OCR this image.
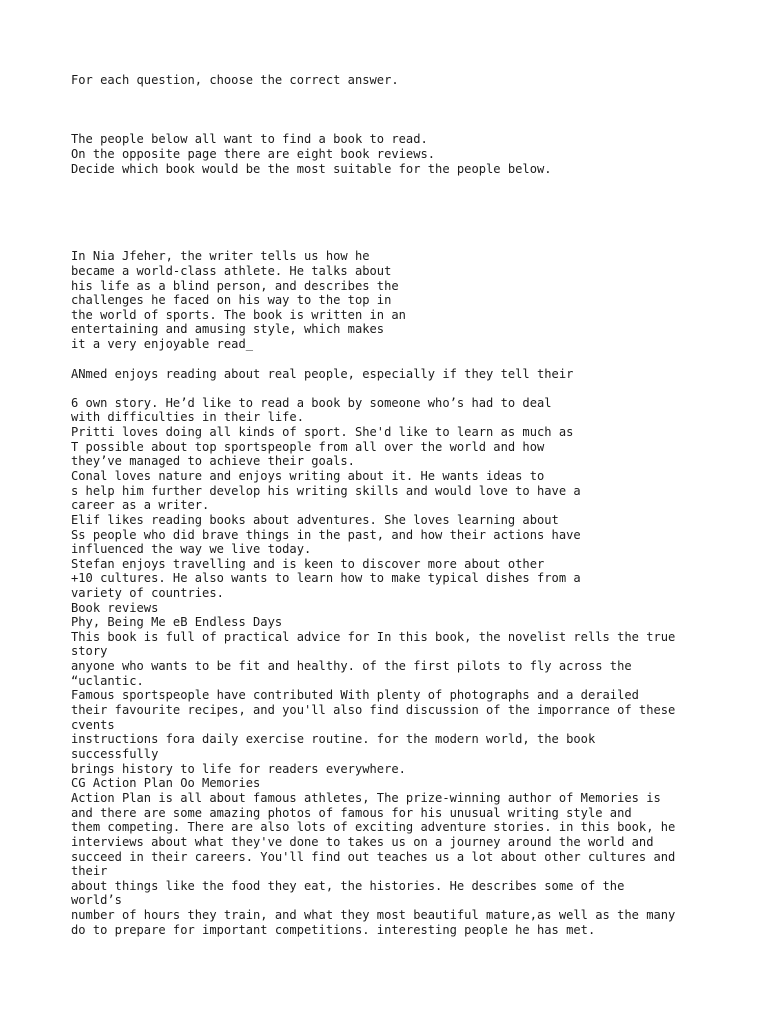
For each question, choose the correct answer.
The people below all want to find a book to read.
On the opposite page there are eight book reviews.
Decide which book would be the most suitable for the people below.
In Nia Jfeher, the writer tells us how he
became a world-class athlete. He talks about
his life as a blind person, and describes the
challenges he faced on his way to the top in
the world of sports. The book is written in an
entertaining and amusing style, which makes
it a very enjoyable read_
ANmed enjoys reading about real people, especially if they tell their
6 own story. He’d like to read a book by someone who’s had to deal
with difficulties in their life.
Pritti loves doing all kinds of sport. She'd like to learn as much as
T possible about top sportspeople from all over the world and how
they’ve managed to achieve their goals.
Conal loves nature and enjoys writing about it. He wants ideas to
s help him further develop his writing skills and would love to have a
career as a writer.
Elif likes reading books about adventures. She loves learning about
Ss people who did brave things in the past, and how their actions have
influenced the way we live today.
Stefan enjoys travelling and is keen to discover more about other
+10 cultures. He also wants to learn how to make typical dishes from a
variety of countries.
Book reviews
Phy, Being Me eB Endless Days
This book is full of practical advice for In this book, the novelist rells the true
story
anyone who wants to be fit and healthy. of the first pilots to fly across the
“uclantic.
Famous sportspeople have contributed With plenty of photographs and a derailed
their favourite recipes, and you'll also find discussion of the imporrance of these
cvents
instructions fora daily exercise routine. for the modern world, the book
successfully
brings history to life for readers everywhere.
CG Action Plan Oo Memories
Action Plan is all about famous athletes, The prize-winning author of Memories is
and there are some amazing photos of famous for his unusual writing style and
them competing. There are also lots of exciting adventure stories. in this book, he
interviews about what they've done to takes us on a journey around the world and
succeed in their careers. You'll find out teaches us a lot about other cultures and
their
about things like the food they eat, the histories. He describes some of the
world’s
number of hours they train, and what they most beautiful mature,as well as the many
do to prepare for important competitions. interesting people he has met.
